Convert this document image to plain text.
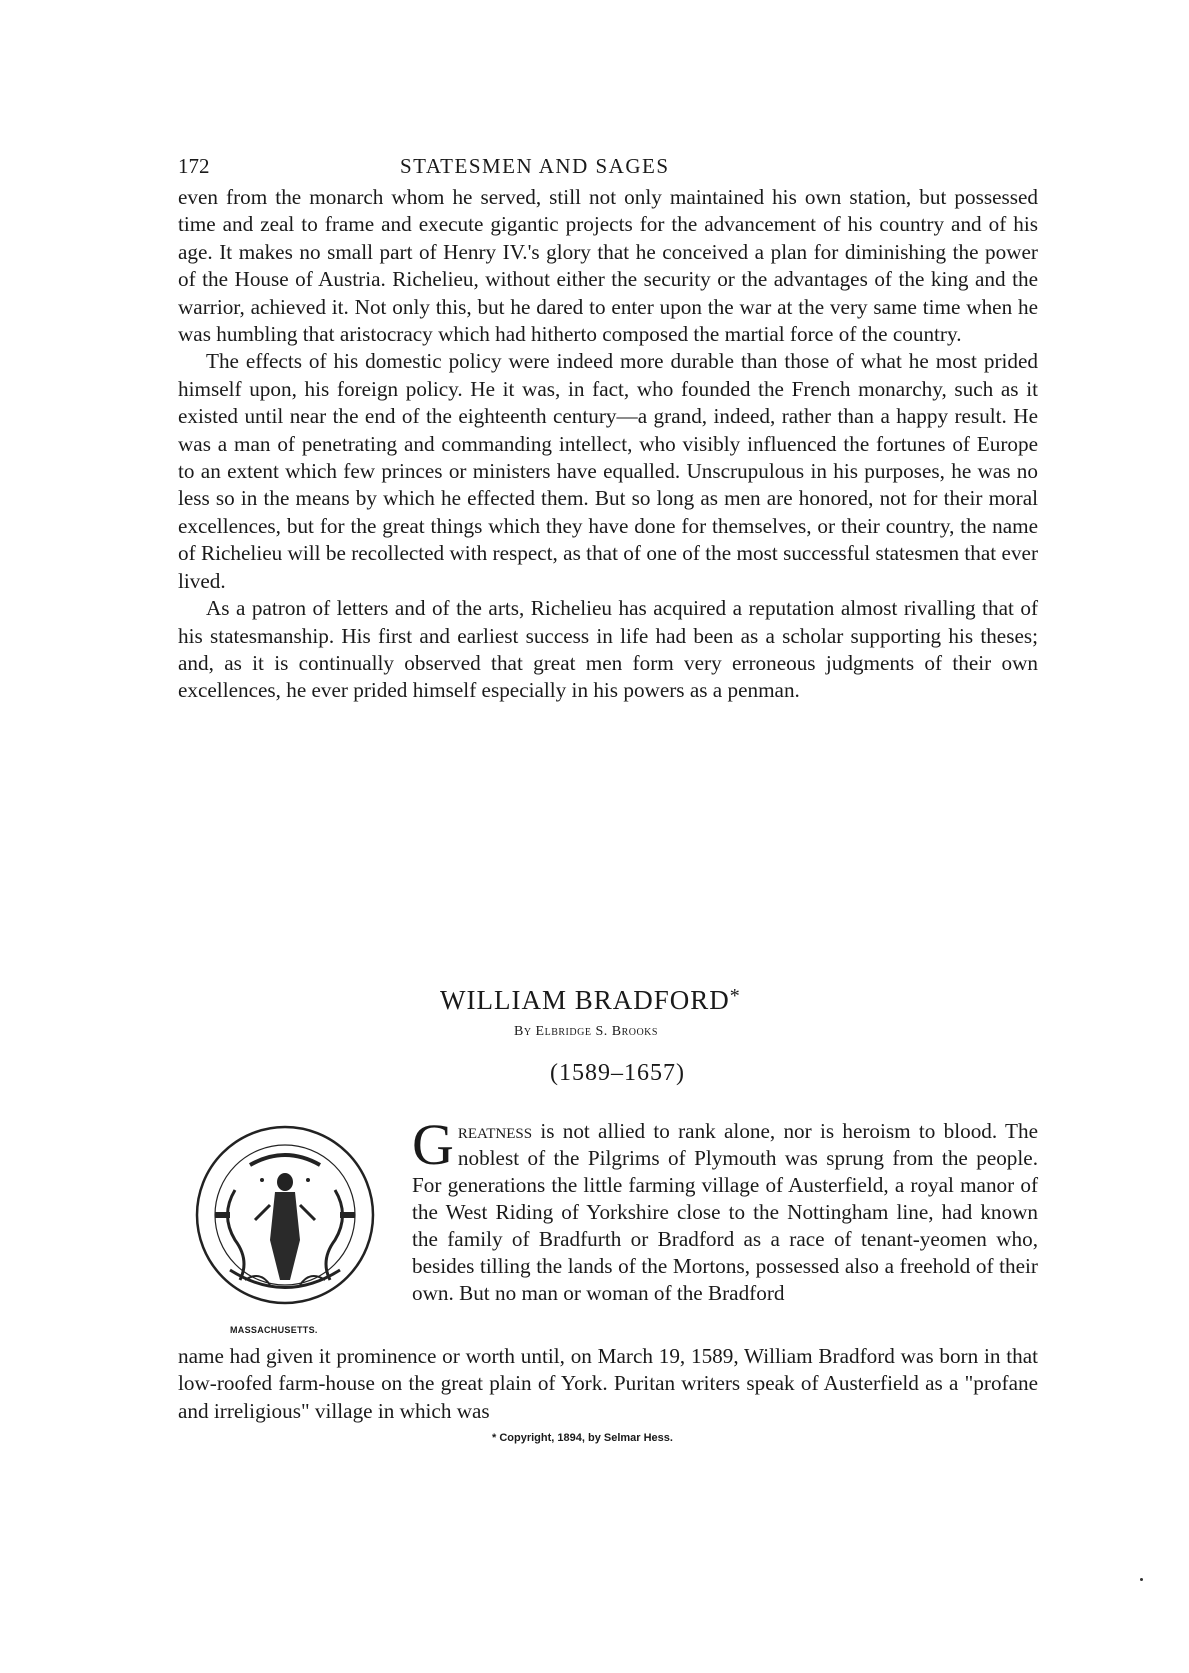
172	STATESMEN AND SAGES

even from the monarch whom he served, still not only maintained his own station, but possessed time and zeal to frame and execute gigantic projects for the advancement of his country and of his age. It makes no small part of Henry IV.'s glory that he conceived a plan for diminishing the power of the House of Austria. Richelieu, without either the security or the advantages of the king and the warrior, achieved it. Not only this, but he dared to enter upon the war at the very same time when he was humbling that aristocracy which had hitherto composed the martial force of the country.

The effects of his domestic policy were indeed more durable than those of what he most prided himself upon, his foreign policy. He it was, in fact, who founded the French monarchy, such as it existed until near the end of the eighteenth century—a grand, indeed, rather than a happy result. He was a man of penetrating and commanding intellect, who visibly influenced the fortunes of Europe to an extent which few princes or ministers have equalled. Unscrupulous in his purposes, he was no less so in the means by which he effected them. But so long as men are honored, not for their moral excellences, but for the great things which they have done for themselves, or their country, the name of Richelieu will be recollected with respect, as that of one of the most successful statesmen that ever lived.

As a patron of letters and of the arts, Richelieu has acquired a reputation almost rivalling that of his statesmanship. His first and earliest success in life had been as a scholar supporting his theses; and, as it is continually observed that great men form very erroneous judgments of their own excellences, he ever prided himself especially in his powers as a penman.

WILLIAM BRADFORD*
By Elbridge S. Brooks
(1589–1657)
MASSACHUSETTS.

Greatness is not allied to rank alone, nor is heroism to blood. The noblest of the Pilgrims of Plymouth was sprung from the people. For generations the little farming village of Austerfield, a royal manor of the West Riding of Yorkshire close to the Nottingham line, had known the family of Bradfurth or Bradford as a race of tenant-yeomen who, besides tilling the lands of the Mortons, possessed also a freehold of their own. But no man or woman of the Bradford

name had given it prominence or worth until, on March 19, 1589, William Bradford was born in that low-roofed farm-house on the great plain of York. Puritan writers speak of Austerfield as a "profane and irreligious" village in which was

* Copyright, 1894, by Selmar Hess.
